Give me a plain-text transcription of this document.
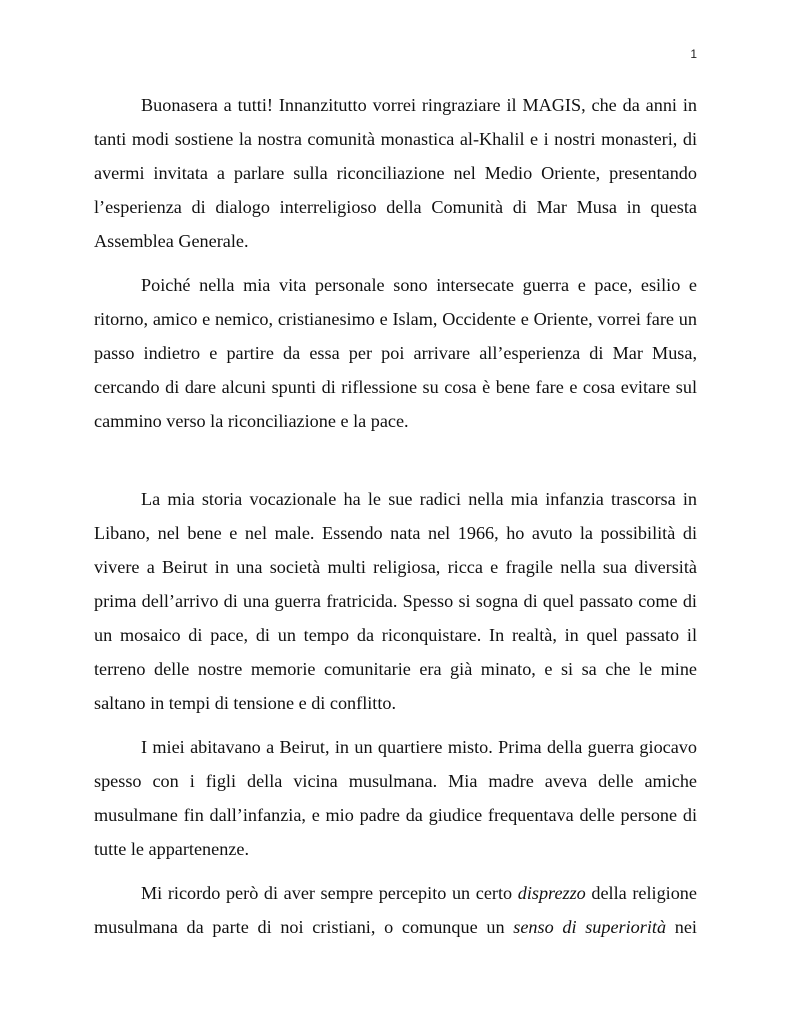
1

Buonasera a tutti! Innanzitutto vorrei ringraziare il MAGIS, che da anni in tanti modi sostiene la nostra comunità monastica al-Khalil e i nostri monasteri, di avermi invitata a parlare sulla riconciliazione nel Medio Oriente, presentando l’esperienza di dialogo interreligioso della Comunità di Mar Musa in questa Assemblea Generale.

Poiché nella mia vita personale sono intersecate guerra e pace, esilio e ritorno, amico e nemico, cristianesimo e Islam, Occidente e Oriente, vorrei fare un passo indietro e partire da essa per poi arrivare all’esperienza di Mar Musa, cercando di dare alcuni spunti di riflessione su cosa è bene fare e cosa evitare sul cammino verso la riconciliazione e la pace.

La mia storia vocazionale ha le sue radici nella mia infanzia trascorsa in Libano, nel bene e nel male. Essendo nata nel 1966, ho avuto la possibilità di vivere a Beirut in una società multi religiosa, ricca e fragile nella sua diversità prima dell’arrivo di una guerra fratricida. Spesso si sogna di quel passato come di un mosaico di pace, di un tempo da riconquistare. In realtà, in quel passato il terreno delle nostre memorie comunitarie era già minato, e si sa che le mine saltano in tempi di tensione e di conflitto.

I miei abitavano a Beirut, in un quartiere misto. Prima della guerra giocavo spesso con i figli della vicina musulmana. Mia madre aveva delle amiche musulmane fin dall’infanzia, e mio padre da giudice frequentava delle persone di tutte le appartenenze.

Mi ricordo però di aver sempre percepito un certo disprezzo della religione musulmana da parte di noi cristiani, o comunque un senso di superiorità nei
